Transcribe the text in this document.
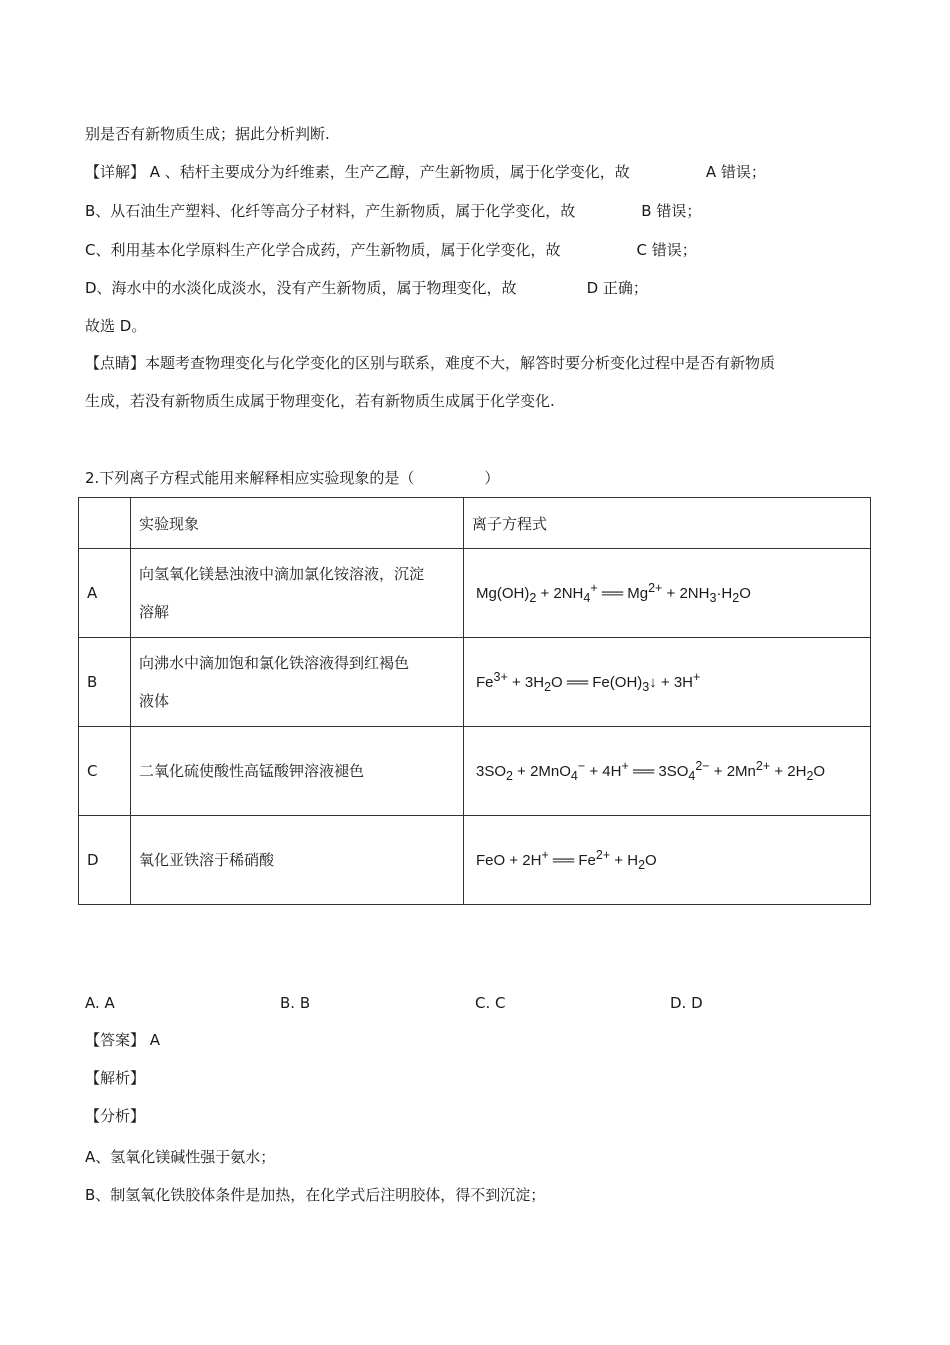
别是否有新物质生成；据此分析判断.
【详解】 A 、秸杆主要成分为纤维素，生产乙醇，产生新物质，属于化学变化，故	A 错误；
B、从石油生产塑料、化纤等高分子材料，产生新物质，属于化学变化，故	B 错误；
C、利用基本化学原料生产化学合成药，产生新物质，属于化学变化，故	C 错误；
D、海水中的水淡化成淡水，没有产生新物质，属于物理变化，故	D 正确；
故选 D。
【点睛】本题考查物理变化与化学变化的区别与联系，难度不大，解答时要分析变化过程中是否有新物质
生成，若没有新物质生成属于物理变化，若有新物质生成属于化学变化.
2.下列离子方程式能用来解释相应实验现象的是（	）
	实验现象	离子方程式
A	向氢氧化镁悬浊液中滴加氯化铵溶液，沉淀
溶解	$Mg(OH)_2 + 2NH_4^+$ ══ $Mg^{2+} + 2NH_3\cdot H_2O$
B	向沸水中滴加饱和氯化铁溶液得到红褐色
液体	$Fe^{3+} + 3H_2O$ ══ $Fe(OH)_3↓ + 3H^+$
C	二氧化硫使酸性高锰酸钾溶液褪色	$3SO_2 + 2MnO_4^- + 4H^+$ ══ $3SO_4^{2-} + 2Mn^{2+} + 2H_2O$
D	氧化亚铁溶于稀硝酸	FeO + 2H+ ══ $Fe^{2+} + H_2O$
A. A	B. B	C. C	D. D
【答案】 A
【解析】
【分析】
A、氢氧化镁碱性强于氨水；
B、制氢氧化铁胶体条件是加热，在化学式后注明胶体，得不到沉淀；
